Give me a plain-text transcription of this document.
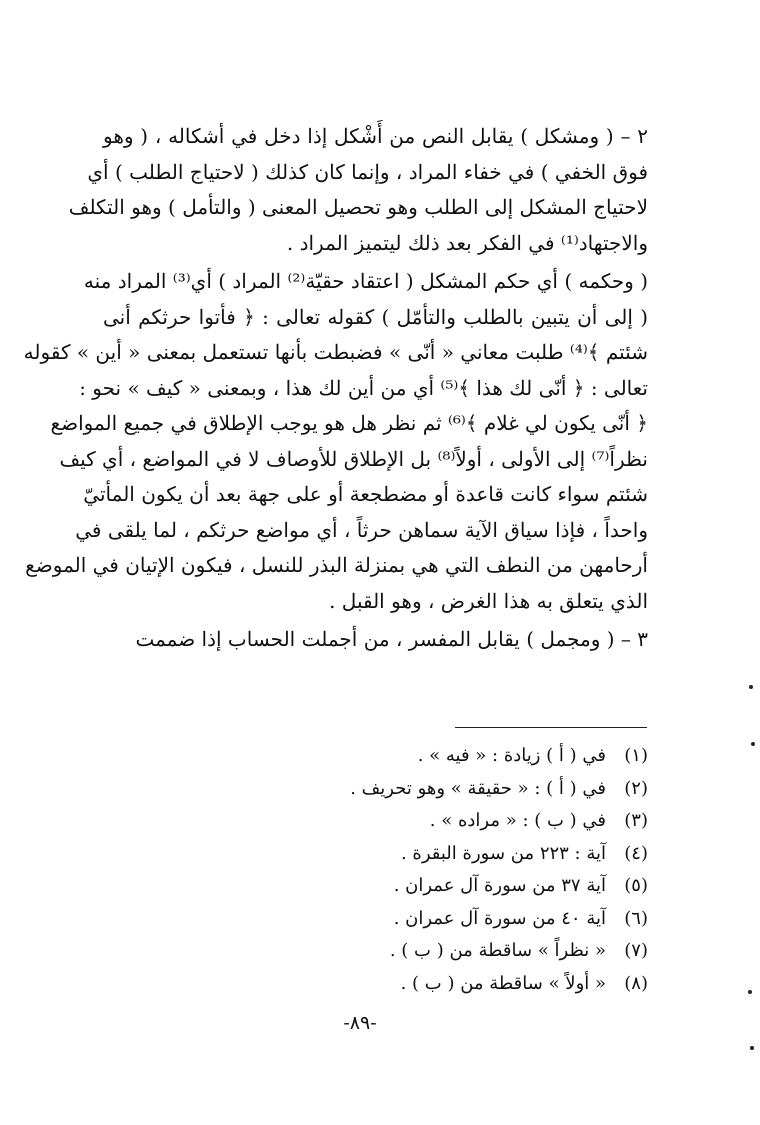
٢ – ( ومشكل ) يقابل النص من أَشْكل إذا دخل في أشكاله ، ( وهو
فوق الخفي ) في خفاء المراد ، وإنما كان كذلك ( لاحتياج الطلب ) أي
لاحتياج المشكل إلى الطلب وهو تحصيل المعنى ( والتأمل ) وهو التكلف
والاجتهاد⁽¹⁾ في الفكر بعد ذلك ليتميز المراد .

( وحكمه ) أي حكم المشكل ( اعتقاد حقيّة⁽²⁾ المراد ) أي⁽³⁾ المراد منه
( إلى أن يتبين بالطلب والتأمّل ) كقوله تعالى : ﴿ فأتوا حرثكم أنى
شئتم ﴾⁽⁴⁾ طلبت معاني « أنّى » فضبطت بأنها تستعمل بمعنى « أين » كقوله
تعالى : ﴿ أنّى لك هذا ﴾⁽⁵⁾ أي من أين لك هذا ، وبمعنى « كيف » نحو :
﴿ أنّى يكون لي غلام ﴾⁽⁶⁾ ثم نظر هل هو يوجب الإطلاق في جميع المواضع
نظراً⁽⁷⁾ إلى الأولى ، أولاً⁽⁸⁾ بل الإطلاق للأوصاف لا في المواضع ، أي كيف
شئتم سواء كانت قاعدة أو مضطجعة أو على جهة بعد أن يكون المأتيّ
واحداً ، فإذا سياق الآية سماهن حرثاً ، أي مواضع حرثكم ، لما يلقى في
أرحامهن من النطف التي هي بمنزلة البذر للنسل ، فيكون الإتيان في الموضع
الذي يتعلق به هذا الغرض ، وهو القبل .

٣ – ( ومجمل ) يقابل المفسر ، من أجملت الحساب إذا ضممت

(١)
في ( أ ) زيادة : « فيه » .
(٢)
في ( أ ) : « حقيقة » وهو تحريف .
(٣)
في ( ب ) : « مراده » .
(٤)
آية : ٢٢٣ من سورة البقرة .
(٥)
آية ٣٧ من سورة آل عمران .
(٦)
آية ٤٠ من سورة آل عمران .
(٧)
« نظراً » ساقطة من ( ب ) .
(٨)
« أولاً » ساقطة من ( ب ) .
-٨٩-
